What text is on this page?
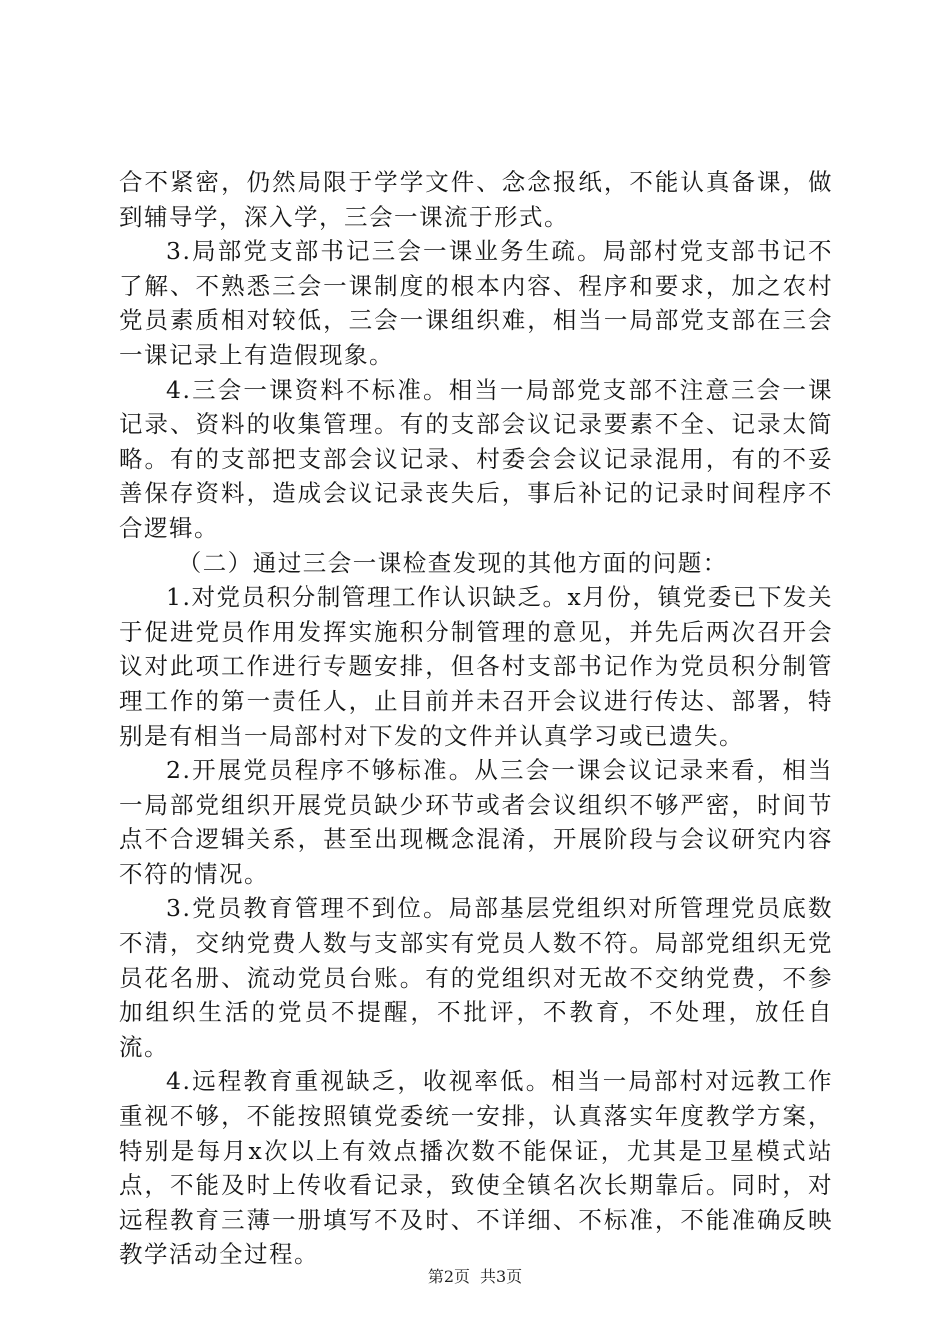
合不紧密，仍然局限于学学文件、念念报纸，不能认真备课，做到辅导学，深入学，三会一课流于形式。

3.局部党支部书记三会一课业务生疏。局部村党支部书记不了解、不熟悉三会一课制度的根本内容、程序和要求，加之农村党员素质相对较低，三会一课组织难，相当一局部党支部在三会一课记录上有造假现象。

4.三会一课资料不标准。相当一局部党支部不注意三会一课记录、资料的收集管理。有的支部会议记录要素不全、记录太简略。有的支部把支部会议记录、村委会会议记录混用，有的不妥善保存资料，造成会议记录丧失后，事后补记的记录时间程序不合逻辑。

（二）通过三会一课检查发现的其他方面的问题：

1.对党员积分制管理工作认识缺乏。x月份，镇党委已下发关于促进党员作用发挥实施积分制管理的意见，并先后两次召开会议对此项工作进行专题安排，但各村支部书记作为党员积分制管理工作的第一责任人，止目前并未召开会议进行传达、部署，特别是有相当一局部村对下发的文件并认真学习或已遗失。

2.开展党员程序不够标准。从三会一课会议记录来看，相当一局部党组织开展党员缺少环节或者会议组织不够严密，时间节点不合逻辑关系，甚至出现概念混淆，开展阶段与会议研究内容不符的情况。

3.党员教育管理不到位。局部基层党组织对所管理党员底数不清，交纳党费人数与支部实有党员人数不符。局部党组织无党员花名册、流动党员台账。有的党组织对无故不交纳党费，不参加组织生活的党员不提醒，不批评，不教育，不处理，放任自流。

4.远程教育重视缺乏，收视率低。相当一局部村对远教工作重视不够，不能按照镇党委统一安排，认真落实年度教学方案，特别是每月x次以上有效点播次数不能保证，尤其是卫星模式站点，不能及时上传收看记录，致使全镇名次长期靠后。同时，对远程教育三薄一册填写不及时、不详细、不标准，不能准确反映教学活动全过程。

第2页 共3页
